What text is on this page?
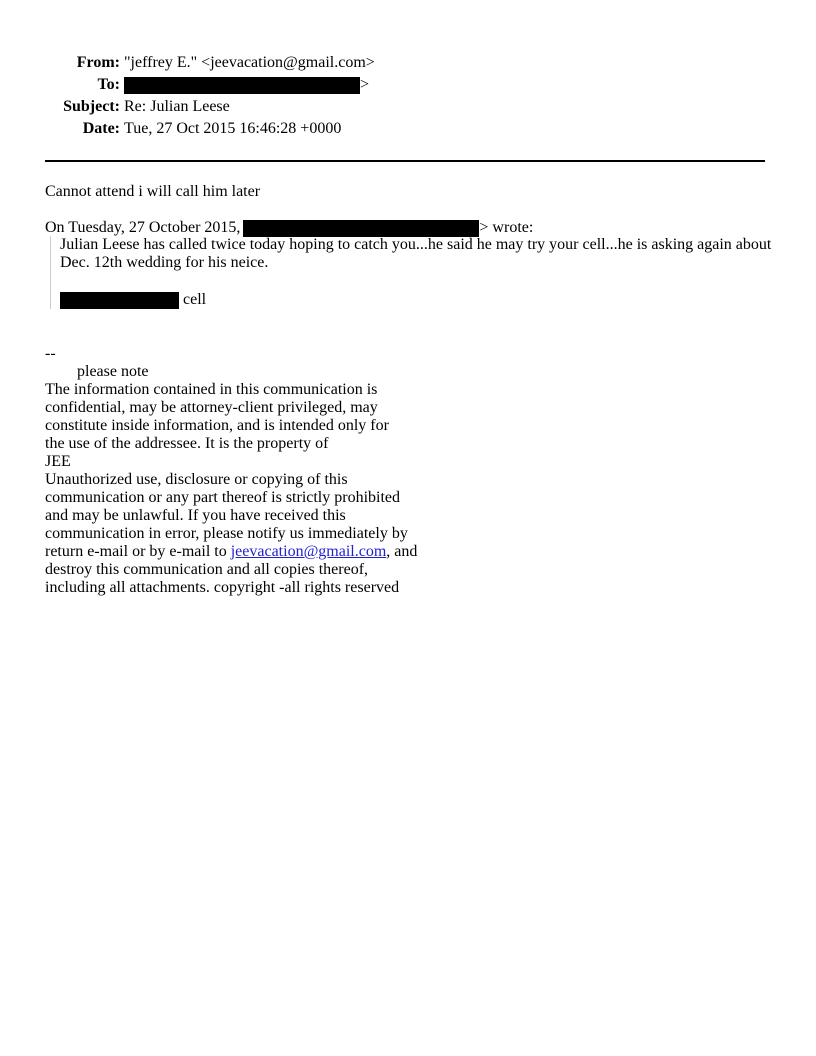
From: "jeffrey E." <jeevacation@gmail.com>
To:	>
Subject: Re: Julian Leese
Date: Tue, 27 Oct 2015 16:46:28 +0000
Cannot attend i will call him later
On Tuesday, 27 October 2015,	> wrote:
Julian Leese has called twice today hoping to catch you...he said he may try your cell...he is asking again about Dec. 12th wedding for his neice.
cell
--
please note
The information contained in this communication is
confidential, may be attorney-client privileged, may
constitute inside information, and is intended only for
the use of the addressee. It is the property of
JEE
Unauthorized use, disclosure or copying of this
communication or any part thereof is strictly prohibited
and may be unlawful. If you have received this
communication in error, please notify us immediately by
return e-mail or by e-mail to jeevacation@gmail.com, and
destroy this communication and all copies thereof,
including all attachments. copyright -all rights reserved
